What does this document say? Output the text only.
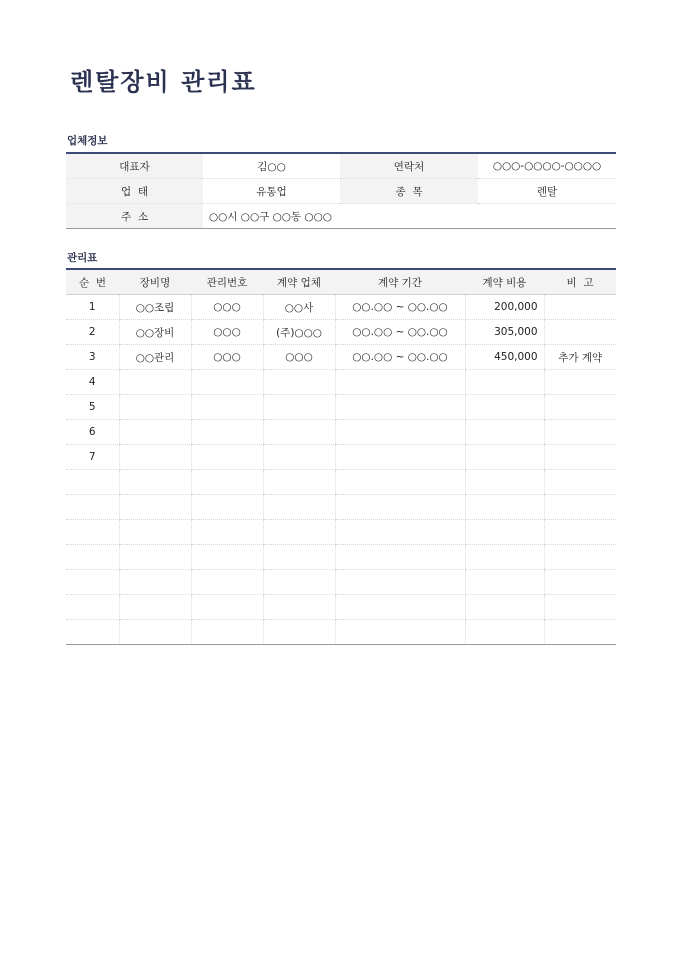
렌탈장비 관리표
업체정보
대표자	김○○	연락처	○○○-○○○○-○○○○
업  태	유통업	종  목	렌탈
주  소	○○시 ○○구 ○○동 ○○○		
관리표
순  번	장비명	관리번호	계약 업체	계약 기간	계약 비용	비  고
1	○○조립	○○○	○○사	○○.○○ ~ ○○.○○	200,000	
2	○○장비	○○○	(주)○○○	○○.○○ ~ ○○.○○	305,000	
3	○○관리	○○○	○○○	○○.○○ ~ ○○.○○	450,000	추가 계약
4						
5						
6						
7						
